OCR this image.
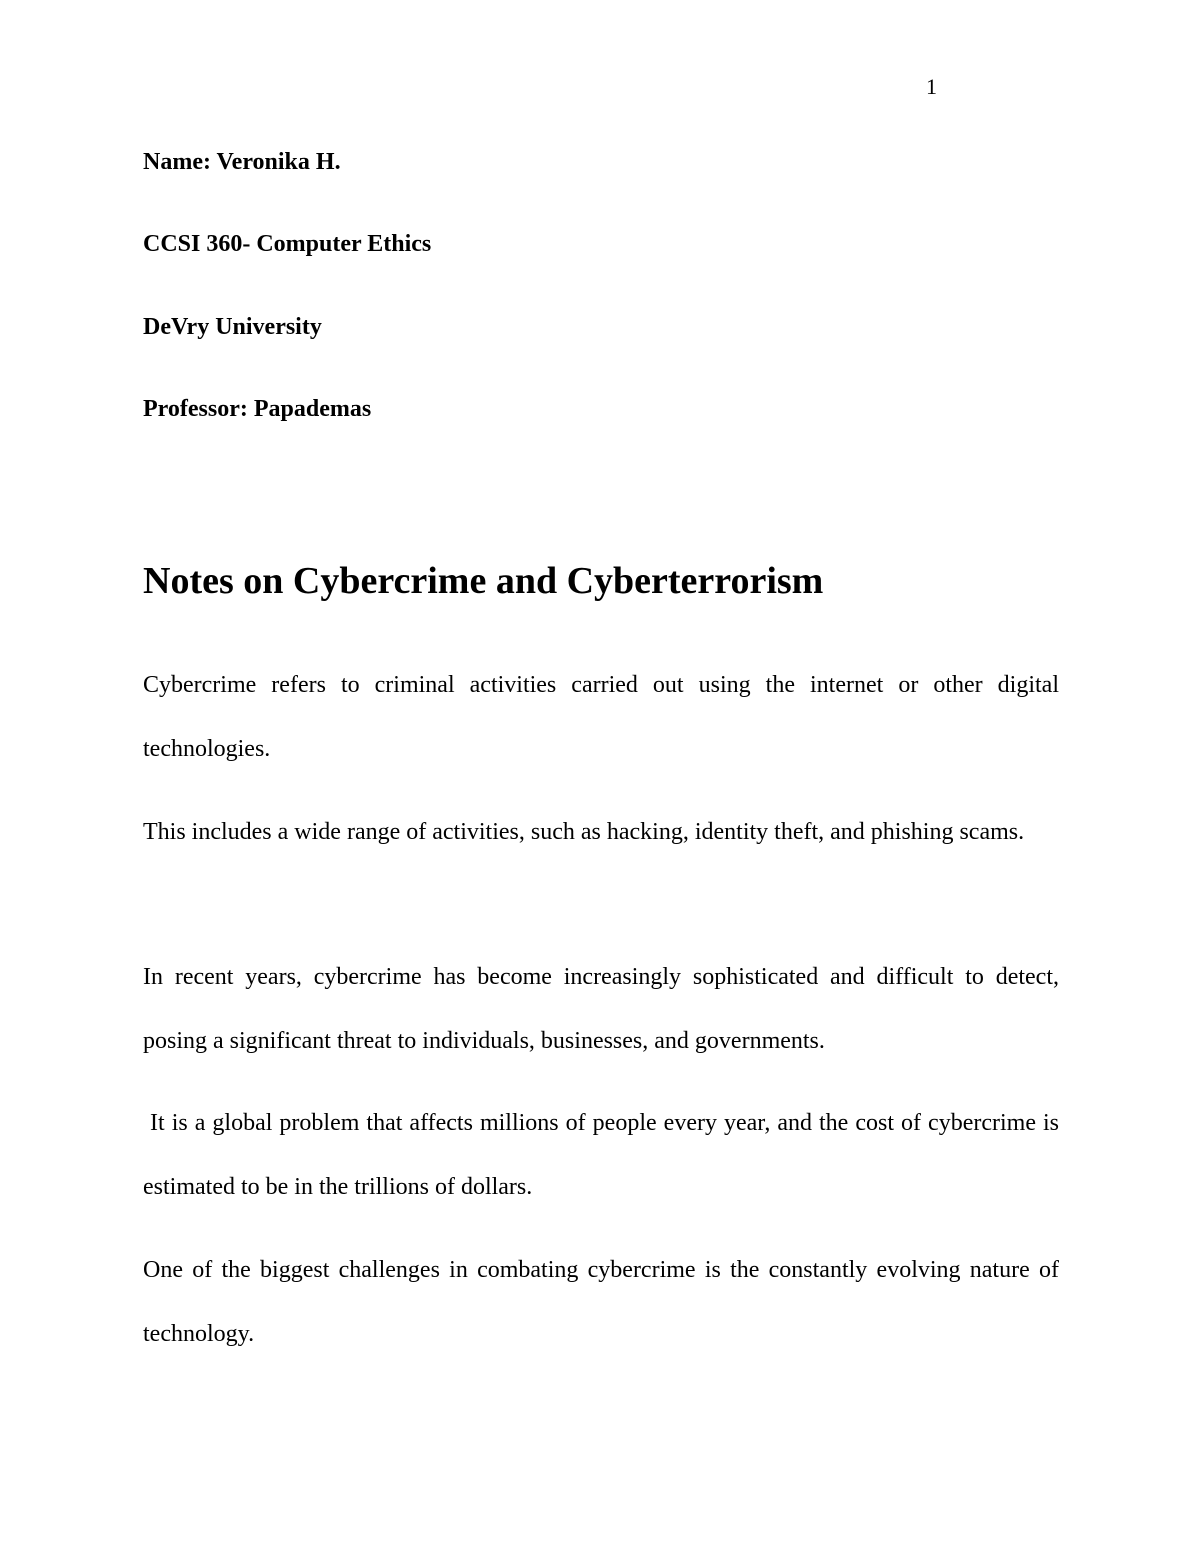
1
Name: Veronika H.
CCSI 360- Computer Ethics
DeVry University
Professor: Papademas
Notes on Cybercrime and Cyberterrorism

Cybercrime refers to criminal activities carried out using the internet or other digital technologies.

This includes a wide range of activities, such as hacking, identity theft, and phishing scams.

In recent years, cybercrime has become increasingly sophisticated and difficult to detect, posing a significant threat to individuals, businesses, and governments.

It is a global problem that affects millions of people every year, and the cost of cybercrime is estimated to be in the trillions of dollars.

One of the biggest challenges in combating cybercrime is the constantly evolving nature of technology.
